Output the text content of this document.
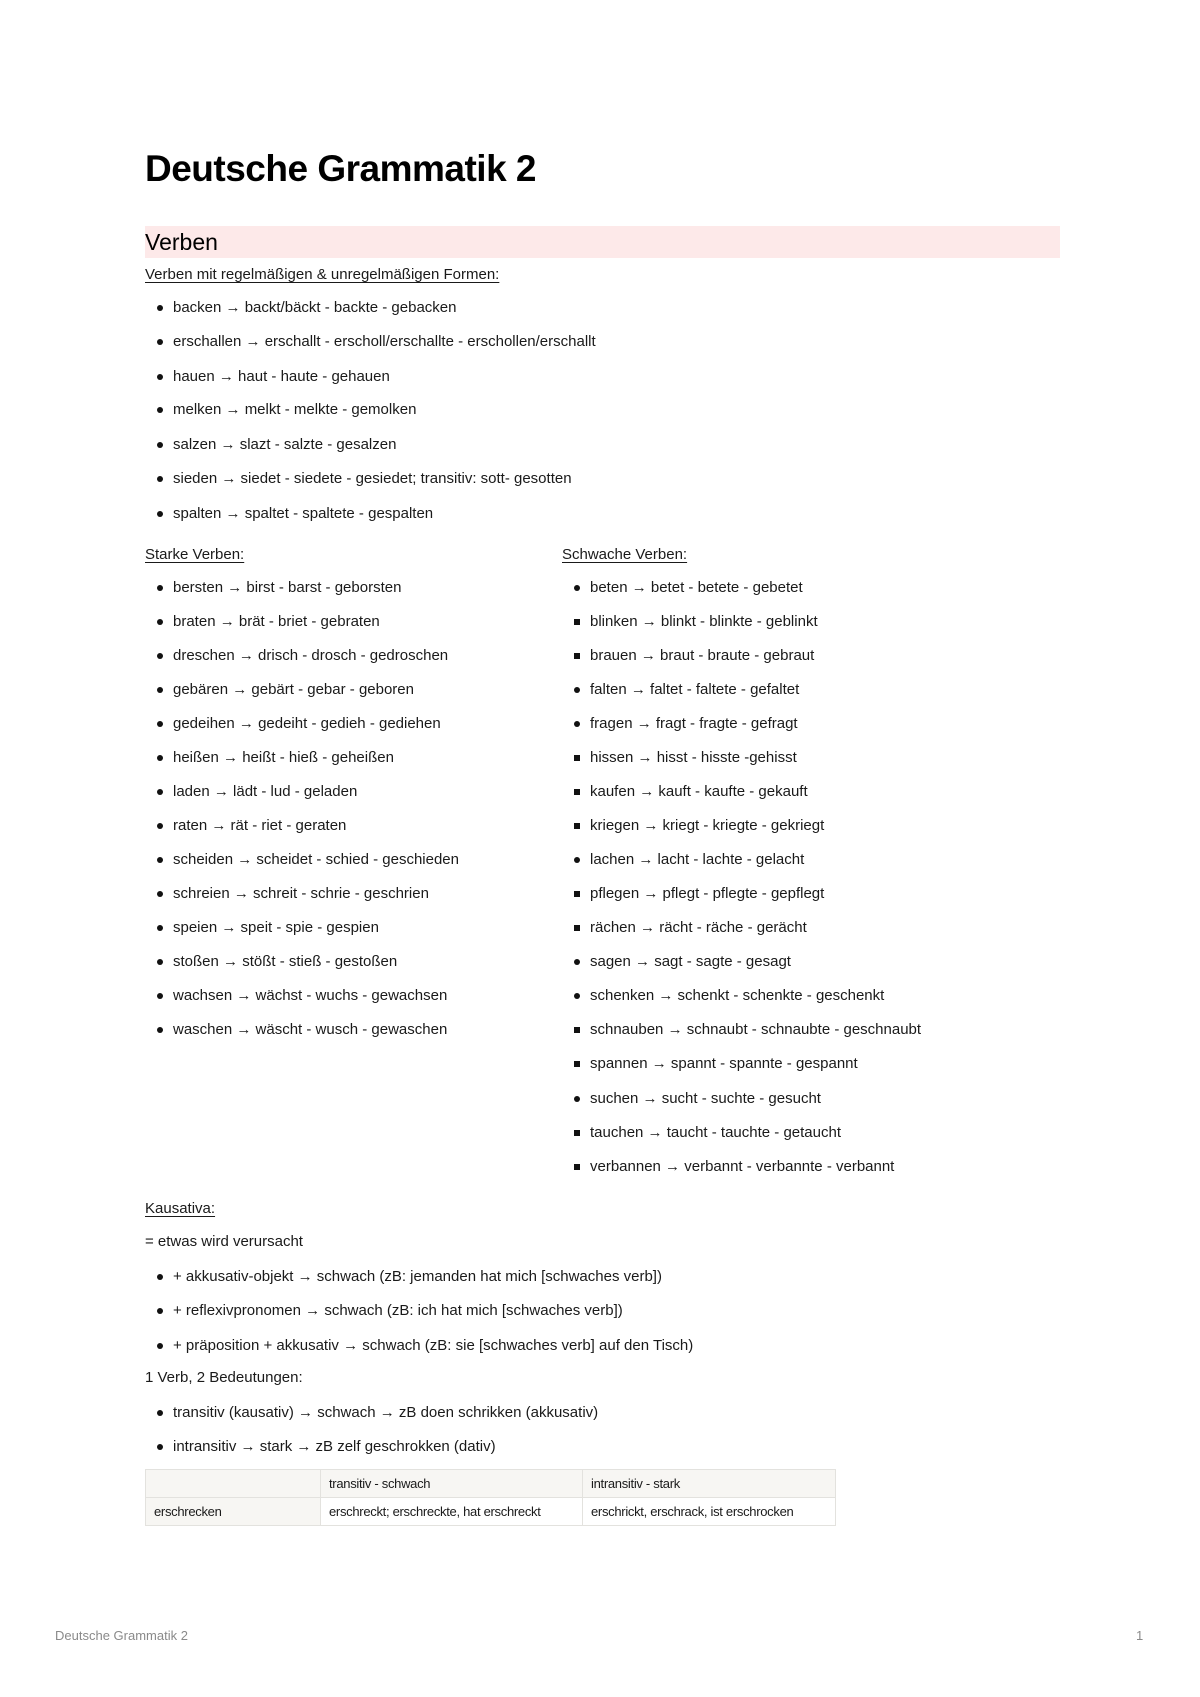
Deutsche Grammatik 2
Verben
Verben mit regelmäßigen & unregelmäßigen Formen:
backen → backt/bäckt - backte - gebacken
erschallen → erschallt - erscholl/erschallte - erschollen/erschallt
hauen → haut - haute - gehauen
melken → melkt - melkte - gemolken
salzen → slazt - salzte - gesalzen
sieden → siedet - siedete - gesiedet; transitiv: sott- gesotten
spalten → spaltet - spaltete - gespalten
Starke Verben:
bersten → birst - barst - geborsten
braten → brät - briet - gebraten
dreschen → drisch - drosch - gedroschen
gebären → gebärt - gebar - geboren
gedeihen → gedeiht - gedieh - gediehen
heißen → heißt - hieß - geheißen
laden → lädt - lud - geladen
raten → rät - riet - geraten
scheiden → scheidet - schied - geschieden
schreien → schreit - schrie - geschrien
speien → speit - spie - gespien
stoßen → stößt - stieß - gestoßen
wachsen → wächst - wuchs - gewachsen
waschen → wäscht - wusch - gewaschen
Schwache Verben:
beten → betet - betete - gebetet
blinken → blinkt - blinkte - geblinkt
brauen → braut - braute - gebraut
falten → faltet - faltete - gefaltet
fragen → fragt - fragte - gefragt
hissen → hisst - hisste -gehisst
kaufen → kauft - kaufte - gekauft
kriegen → kriegt - kriegte - gekriegt
lachen → lacht - lachte - gelacht
pflegen → pflegt - pflegte - gepflegt
rächen → rächt - räche - gerächt
sagen → sagt - sagte - gesagt
schenken → schenkt - schenkte - geschenkt
schnauben → schnaubt - schnaubte - geschnaubt
spannen → spannt - spannte - gespannt
suchen → sucht - suchte - gesucht
tauchen → taucht - tauchte - getaucht
verbannen → verbannt - verbannte - verbannt
Kausativa:
= etwas wird verursacht
+ akkusativ-objekt → schwach (zB: jemanden hat mich [schwaches verb])
+ reflexivpronomen → schwach (zB: ich hat mich [schwaches verb])
+ präposition + akkusativ → schwach (zB: sie [schwaches verb] auf den Tisch)
1 Verb, 2 Bedeutungen:
transitiv (kausativ) → schwach → zB doen schrikken (akkusativ)
intransitiv → stark → zB zelf geschrokken (dativ)
	transitiv - schwach	intransitiv - stark
erschrecken	erschreckt; erschreckte, hat erschreckt	erschrickt, erschrack, ist erschrocken
Deutsche Grammatik 2	1
